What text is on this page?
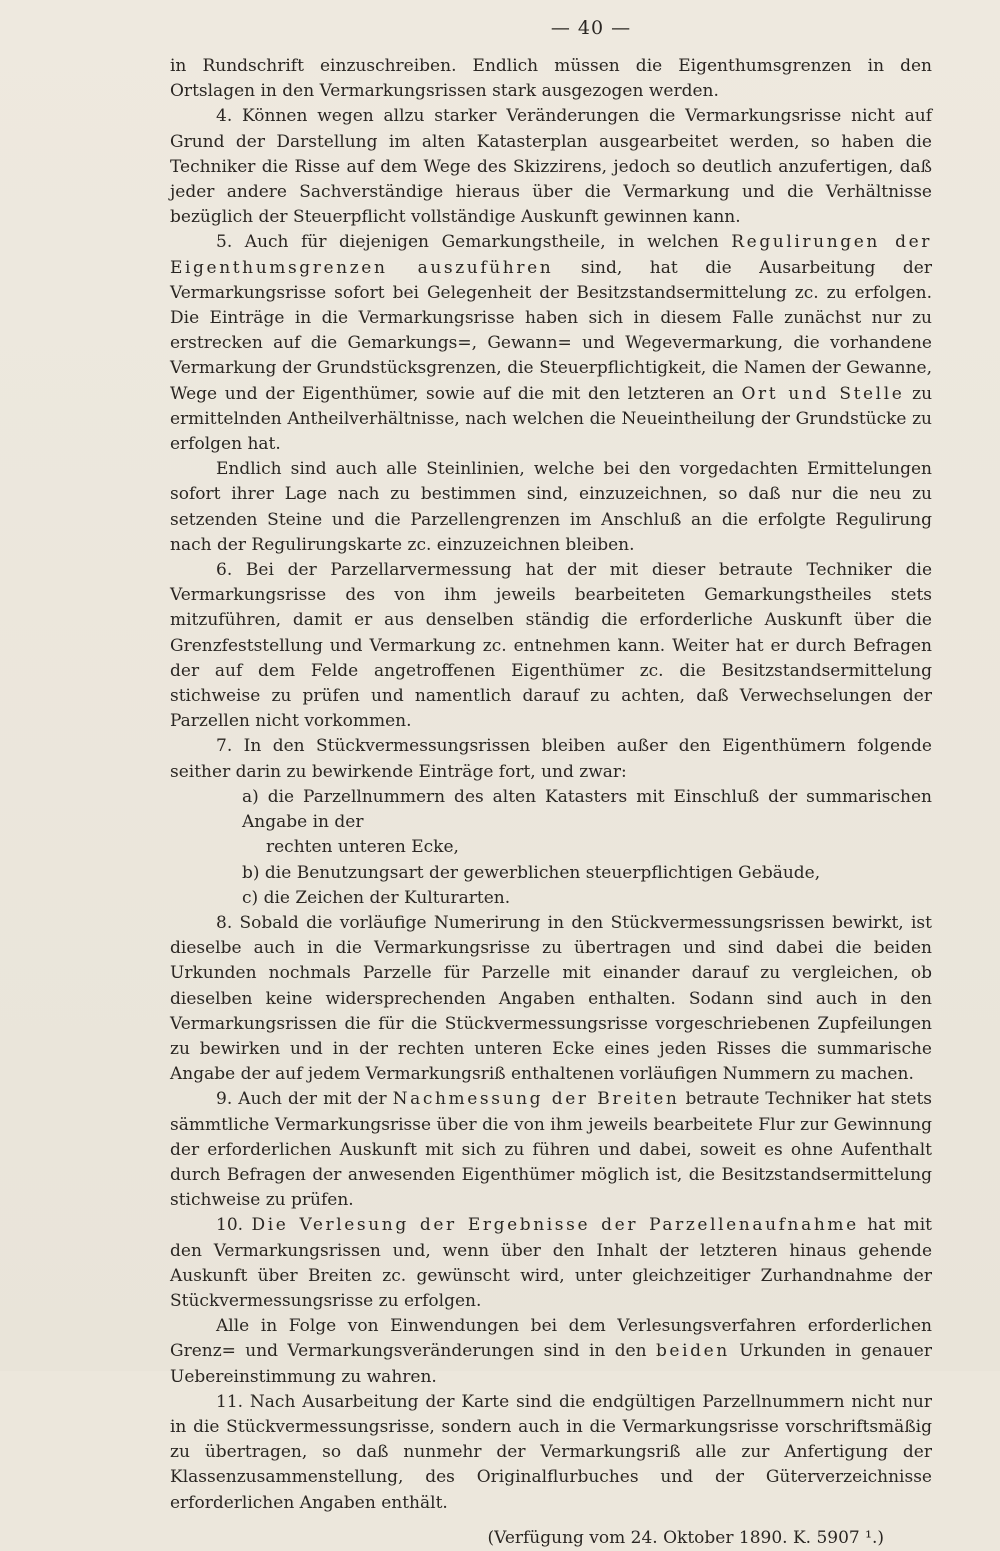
— 40 —

in Rundschrift einzuschreiben. Endlich müssen die Eigenthumsgrenzen in den Ortslagen in den Vermarkungsrissen stark ausgezogen werden.

4. Können wegen allzu starker Veränderungen die Vermarkungsrisse nicht auf Grund der Darstellung im alten Katasterplan ausgearbeitet werden, so haben die Techniker die Risse auf dem Wege des Skizzirens, jedoch so deutlich anzufertigen, daß jeder andere Sachverständige hieraus über die Vermarkung und die Verhältnisse bezüglich der Steuerpflicht vollständige Auskunft gewinnen kann.

5. Auch für diejenigen Gemarkungstheile, in welchen Regulirungen der Eigenthumsgrenzen auszuführen sind, hat die Ausarbeitung der Vermarkungsrisse sofort bei Gelegenheit der Besitzstandsermittelung zc. zu erfolgen. Die Einträge in die Vermarkungsrisse haben sich in diesem Falle zunächst nur zu erstrecken auf die Gemarkungs=, Gewann= und Wegevermarkung, die vorhandene Vermarkung der Grundstücksgrenzen, die Steuerpflichtigkeit, die Namen der Gewanne, Wege und der Eigenthümer, sowie auf die mit den letzteren an Ort und Stelle zu ermittelnden Antheilverhältnisse, nach welchen die Neueintheilung der Grundstücke zu erfolgen hat.

Endlich sind auch alle Steinlinien, welche bei den vorgedachten Ermittelungen sofort ihrer Lage nach zu bestimmen sind, einzuzeichnen, so daß nur die neu zu setzenden Steine und die Parzellengrenzen im Anschluß an die erfolgte Regulirung nach der Regulirungskarte zc. einzuzeichnen bleiben.

6. Bei der Parzellarvermessung hat der mit dieser betraute Techniker die Vermarkungsrisse des von ihm jeweils bearbeiteten Gemarkungstheiles stets mitzuführen, damit er aus denselben ständig die erforderliche Auskunft über die Grenzfeststellung und Vermarkung zc. entnehmen kann. Weiter hat er durch Befragen der auf dem Felde angetroffenen Eigenthümer zc. die Besitzstandsermittelung stichweise zu prüfen und namentlich darauf zu achten, daß Verwechselungen der Parzellen nicht vorkommen.

7. In den Stückvermessungsrissen bleiben außer den Eigenthümern folgende seither darin zu bewirkende Einträge fort, und zwar:

a) die Parzellnummern des alten Katasters mit Einschluß der summarischen Angabe in der

rechten unteren Ecke,

b) die Benutzungsart der gewerblichen steuerpflichtigen Gebäude,

c) die Zeichen der Kulturarten.

8. Sobald die vorläufige Numerirung in den Stückvermessungsrissen bewirkt, ist dieselbe auch in die Vermarkungsrisse zu übertragen und sind dabei die beiden Urkunden nochmals Parzelle für Parzelle mit einander darauf zu vergleichen, ob dieselben keine widersprechenden Angaben enthalten. Sodann sind auch in den Vermarkungsrissen die für die Stückvermessungsrisse vorgeschriebenen Zupfeilungen zu bewirken und in der rechten unteren Ecke eines jeden Risses die summarische Angabe der auf jedem Vermarkungsriß enthaltenen vorläufigen Nummern zu machen.

9. Auch der mit der Nachmessung der Breiten betraute Techniker hat stets sämmtliche Vermarkungsrisse über die von ihm jeweils bearbeitete Flur zur Gewinnung der erforderlichen Auskunft mit sich zu führen und dabei, soweit es ohne Aufenthalt durch Befragen der anwesenden Eigenthümer möglich ist, die Besitzstandsermittelung stichweise zu prüfen.

10. Die Verlesung der Ergebnisse der Parzellenaufnahme hat mit den Vermarkungsrissen und, wenn über den Inhalt der letzteren hinaus gehende Auskunft über Breiten zc. gewünscht wird, unter gleichzeitiger Zurhandnahme der Stückvermessungsrisse zu erfolgen.

Alle in Folge von Einwendungen bei dem Verlesungsverfahren erforderlichen Grenz= und Vermarkungsveränderungen sind in den beiden Urkunden in genauer Uebereinstimmung zu wahren.

11. Nach Ausarbeitung der Karte sind die endgültigen Parzellnummern nicht nur in die Stückvermessungsrisse, sondern auch in die Vermarkungsrisse vorschriftsmäßig zu übertragen, so daß nunmehr der Vermarkungsriß alle zur Anfertigung der Klassenzusammenstellung, des Originalflurbuches und der Güterverzeichnisse erforderlichen Angaben enthält.

(Verfügung vom 24. Oktober 1890. K. 5907 ¹.)
